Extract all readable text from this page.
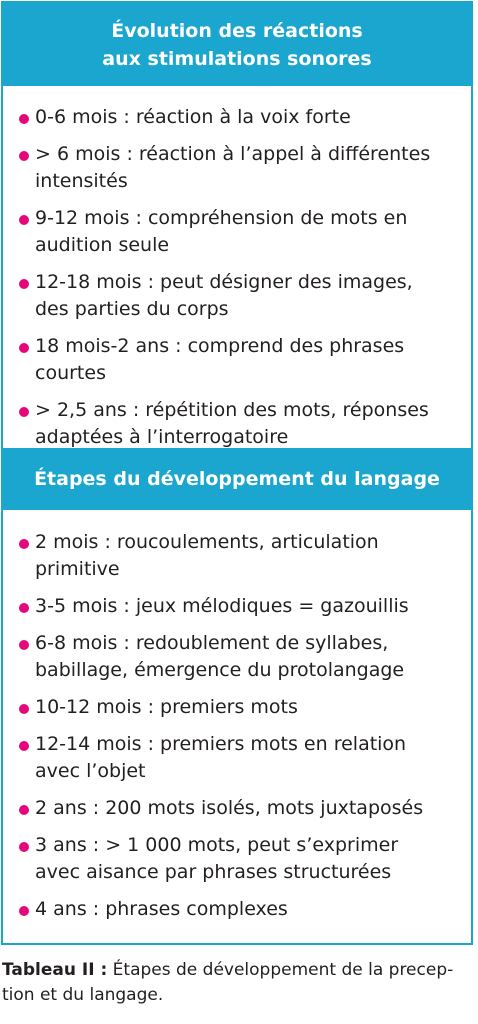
Évolution des réactions
aux stimulations sonores
0-6 mois : réaction à la voix forte
> 6 mois : réaction à l’appel à différentes
intensités
9-12 mois : compréhension de mots en
audition seule
12-18 mois : peut désigner des images,
des parties du corps
18 mois-2 ans : comprend des phrases
courtes
> 2,5 ans : répétition des mots, réponses
adaptées à l’interrogatoire
Étapes du développement du langage
2 mois : roucoulements, articulation
primitive
3-5 mois : jeux mélodiques = gazouillis
6-8 mois : redoublement de syllabes,
babillage, émergence du protolangage
10-12 mois : premiers mots
12-14 mois : premiers mots en relation
avec l’objet
2 ans : 200 mots isolés, mots juxtaposés
3 ans : > 1 000 mots, peut s’exprimer
avec aisance par phrases structurées
4 ans : phrases complexes
Tableau II : Étapes de développement de la precep-
tion et du langage.
